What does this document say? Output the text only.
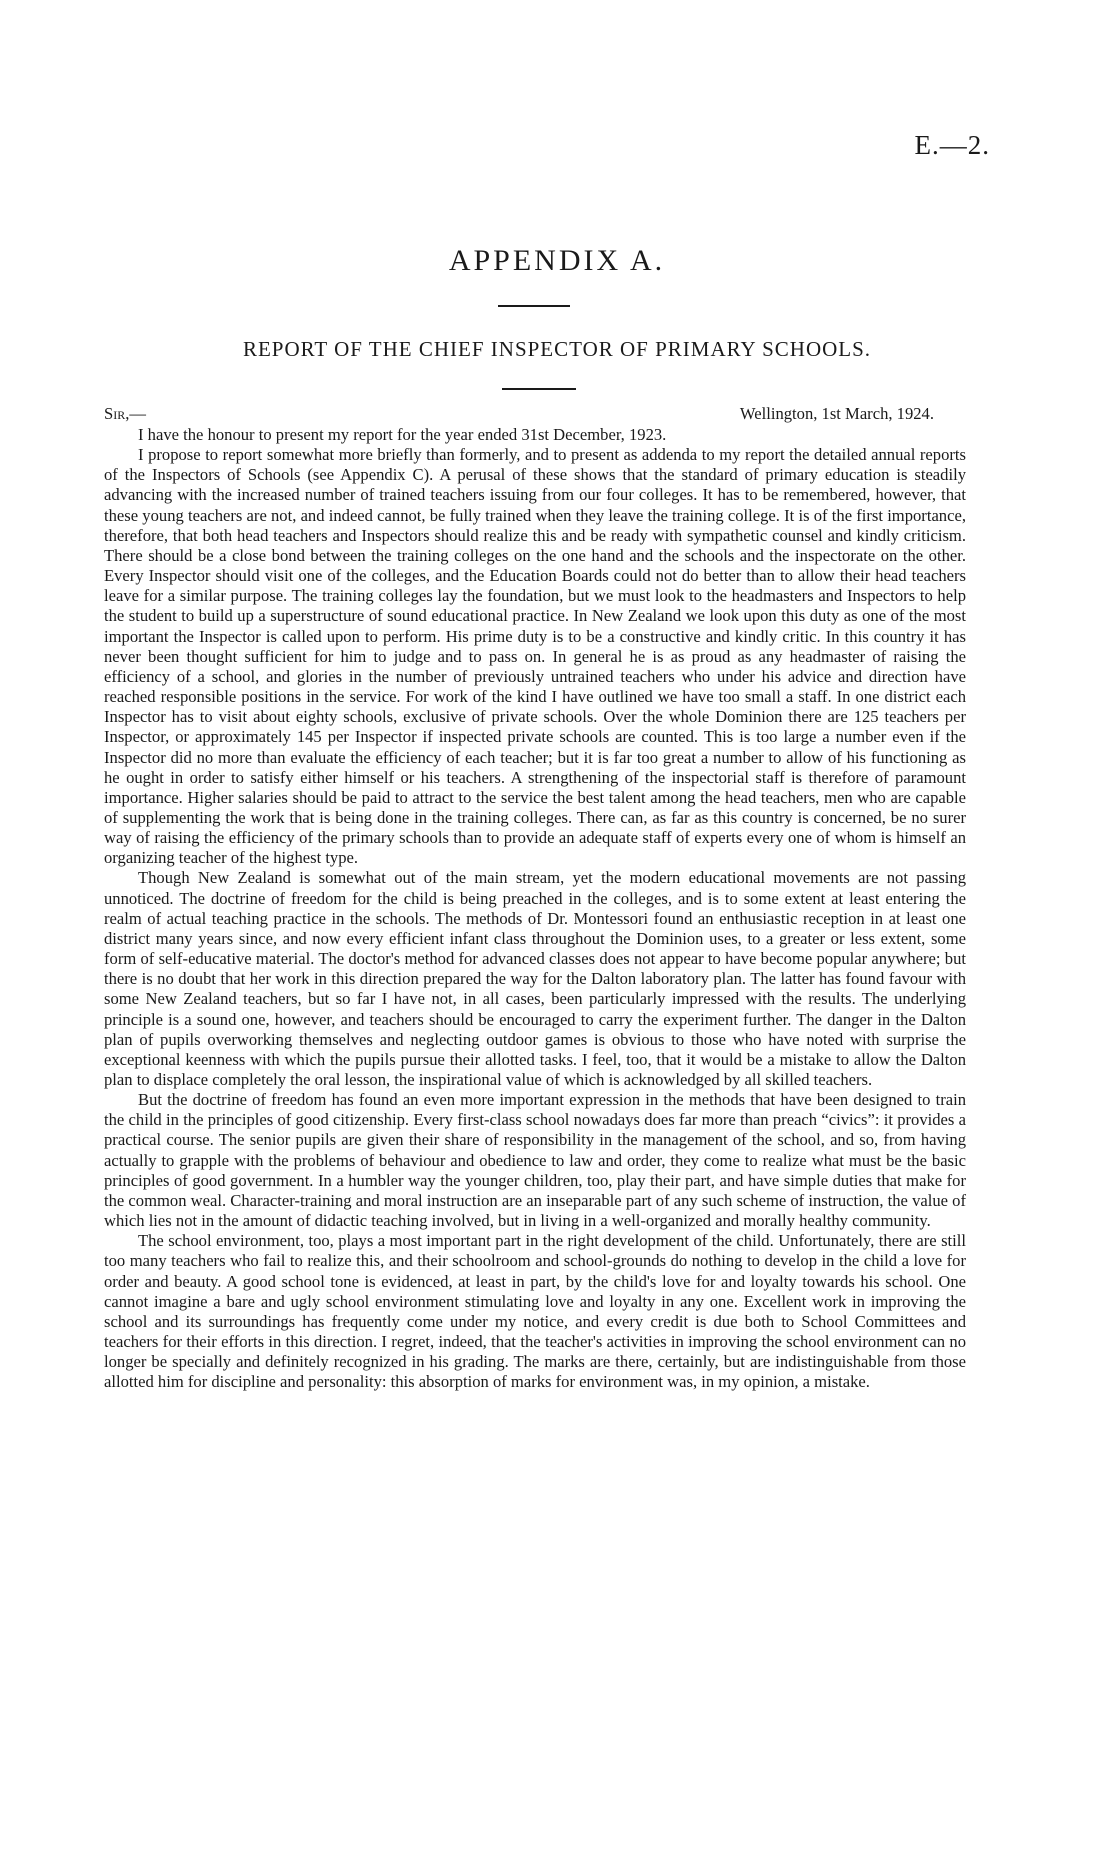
E.—2.
APPENDIX A.
REPORT OF THE CHIEF INSPECTOR OF PRIMARY SCHOOLS.
Sir,—	Wellington, 1st March, 1924.

I have the honour to present my report for the year ended 31st December, 1923.

I propose to report somewhat more briefly than formerly, and to present as addenda to my report the detailed annual reports of the Inspectors of Schools (see Appendix C). A perusal of these shows that the standard of primary education is steadily advancing with the increased number of trained teachers issuing from our four colleges. It has to be remembered, however, that these young teachers are not, and indeed cannot, be fully trained when they leave the training college. It is of the first importance, therefore, that both head teachers and Inspectors should realize this and be ready with sympathetic counsel and kindly criticism. There should be a close bond between the training colleges on the one hand and the schools and the inspectorate on the other. Every Inspector should visit one of the colleges, and the Education Boards could not do better than to allow their head teachers leave for a similar purpose. The training colleges lay the foundation, but we must look to the headmasters and Inspectors to help the student to build up a superstructure of sound educational practice. In New Zealand we look upon this duty as one of the most important the Inspector is called upon to perform. His prime duty is to be a constructive and kindly critic. In this country it has never been thought sufficient for him to judge and to pass on. In general he is as proud as any headmaster of raising the efficiency of a school, and glories in the number of previously untrained teachers who under his advice and direction have reached responsible positions in the service. For work of the kind I have outlined we have too small a staff. In one district each Inspector has to visit about eighty schools, exclusive of private schools. Over the whole Dominion there are 125 teachers per Inspector, or approximately 145 per Inspector if inspected private schools are counted. This is too large a number even if the Inspector did no more than evaluate the efficiency of each teacher; but it is far too great a number to allow of his functioning as he ought in order to satisfy either himself or his teachers. A strengthening of the inspectorial staff is therefore of paramount importance. Higher salaries should be paid to attract to the service the best talent among the head teachers, men who are capable of supplementing the work that is being done in the training colleges. There can, as far as this country is concerned, be no surer way of raising the efficiency of the primary schools than to provide an adequate staff of experts every one of whom is himself an organizing teacher of the highest type.

Though New Zealand is somewhat out of the main stream, yet the modern educational movements are not passing unnoticed. The doctrine of freedom for the child is being preached in the colleges, and is to some extent at least entering the realm of actual teaching practice in the schools. The methods of Dr. Montessori found an enthusiastic reception in at least one district many years since, and now every efficient infant class throughout the Dominion uses, to a greater or less extent, some form of self-educative material. The doctor's method for advanced classes does not appear to have become popular anywhere; but there is no doubt that her work in this direction prepared the way for the Dalton laboratory plan. The latter has found favour with some New Zealand teachers, but so far I have not, in all cases, been particularly impressed with the results. The underlying principle is a sound one, however, and teachers should be encouraged to carry the experiment further. The danger in the Dalton plan of pupils overworking themselves and neglecting outdoor games is obvious to those who have noted with surprise the exceptional keenness with which the pupils pursue their allotted tasks. I feel, too, that it would be a mistake to allow the Dalton plan to displace completely the oral lesson, the inspirational value of which is acknowledged by all skilled teachers.

But the doctrine of freedom has found an even more important expression in the methods that have been designed to train the child in the principles of good citizenship. Every first-class school nowadays does far more than preach “civics”: it provides a practical course. The senior pupils are given their share of responsibility in the management of the school, and so, from having actually to grapple with the problems of behaviour and obedience to law and order, they come to realize what must be the basic principles of good government. In a humbler way the younger children, too, play their part, and have simple duties that make for the common weal. Character-training and moral instruction are an inseparable part of any such scheme of instruction, the value of which lies not in the amount of didactic teaching involved, but in living in a well-organized and morally healthy community.

The school environment, too, plays a most important part in the right development of the child. Unfortunately, there are still too many teachers who fail to realize this, and their schoolroom and school-grounds do nothing to develop in the child a love for order and beauty. A good school tone is evidenced, at least in part, by the child's love for and loyalty towards his school. One cannot imagine a bare and ugly school environment stimulating love and loyalty in any one. Excellent work in improving the school and its surroundings has frequently come under my notice, and every credit is due both to School Committees and teachers for their efforts in this direction. I regret, indeed, that the teacher's activities in improving the school environment can no longer be specially and definitely recognized in his grading. The marks are there, certainly, but are indistinguishable from those allotted him for discipline and personality: this absorption of marks for environment was, in my opinion, a mistake.
